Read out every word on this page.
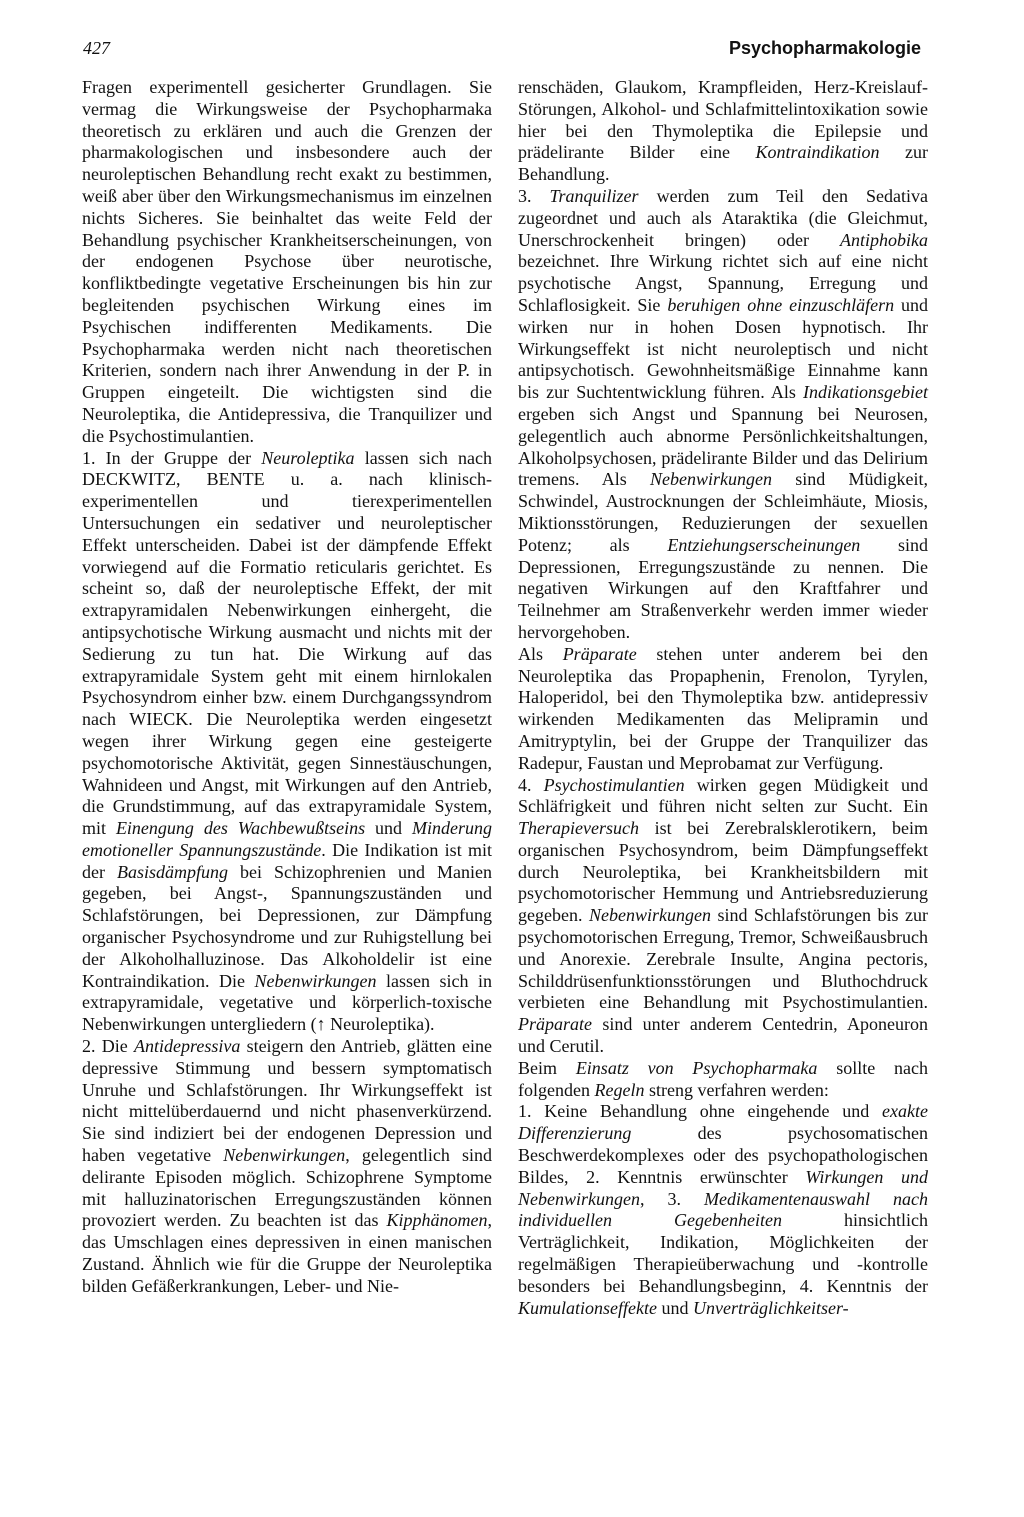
427	Psychopharmakologie

Fragen experimentell gesicherter Grundlagen. Sie vermag die Wirkungsweise der Psychopharmaka theoretisch zu erklären und auch die Grenzen der pharmakologischen und insbesondere auch der neuroleptischen Behandlung recht exakt zu bestimmen, weiß aber über den Wirkungsmechanismus im einzelnen nichts Sicheres. Sie beinhaltet das weite Feld der Behandlung psychischer Krankheitserscheinungen, von der endogenen Psychose über neurotische, konfliktbedingte vegetative Erscheinungen bis hin zur begleitenden psychischen Wirkung eines im Psychischen indifferenten Medikaments. Die Psychopharmaka werden nicht nach theoretischen Kriterien, sondern nach ihrer Anwendung in der P. in Gruppen eingeteilt. Die wichtigsten sind die Neuroleptika, die Antidepressiva, die Tranquilizer und die Psychostimulantien.

1. In der Gruppe der Neuroleptika lassen sich nach DECKWITZ, BENTE u. a. nach klinisch-experimentellen und tierexperimentellen Untersuchungen ein sedativer und neuroleptischer Effekt unterscheiden. Dabei ist der dämpfende Effekt vorwiegend auf die Formatio reticularis gerichtet. Es scheint so, daß der neuroleptische Effekt, der mit extrapyramidalen Nebenwirkungen einhergeht, die antipsychotische Wirkung ausmacht und nichts mit der Sedierung zu tun hat. Die Wirkung auf das extrapyramidale System geht mit einem hirnlokalen Psychosyndrom einher bzw. einem Durchgangssyndrom nach WIECK. Die Neuroleptika werden eingesetzt wegen ihrer Wirkung gegen eine gesteigerte psychomotorische Aktivität, gegen Sinnestäuschungen, Wahnideen und Angst, mit Wirkungen auf den Antrieb, die Grundstimmung, auf das extrapyramidale System, mit Einengung des Wachbewußtseins und Minderung emotioneller Spannungszustände. Die Indikation ist mit der Basisdämpfung bei Schizophrenien und Manien gegeben, bei Angst-, Spannungszuständen und Schlafstörungen, bei Depressionen, zur Dämpfung organischer Psychosyndrome und zur Ruhigstellung bei der Alkoholhalluzinose. Das Alkoholdelir ist eine Kontraindikation. Die Nebenwirkungen lassen sich in extrapyramidale, vegetative und körperlich-toxische Nebenwirkungen untergliedern (↑ Neuroleptika).

2. Die Antidepressiva steigern den Antrieb, glätten eine depressive Stimmung und bessern symptomatisch Unruhe und Schlafstörungen. Ihr Wirkungseffekt ist nicht mittelüberdauernd und nicht phasenverkürzend. Sie sind indiziert bei der endogenen Depression und haben vegetative Nebenwirkungen, gelegentlich sind delirante Episoden möglich. Schizophrene Symptome mit halluzinatorischen Erregungszuständen können provoziert werden. Zu beachten ist das Kipphänomen, das Umschlagen eines depressiven in einen manischen Zustand. Ähnlich wie für die Gruppe der Neuroleptika bilden Gefäßerkrankungen, Leber- und Nie-

renschäden, Glaukom, Krampfleiden, Herz-Kreislauf-Störungen, Alkohol- und Schlafmittelintoxikation sowie hier bei den Thymoleptika die Epilepsie und prädelirante Bilder eine Kontraindikation zur Behandlung.

3. Tranquilizer werden zum Teil den Sedativa zugeordnet und auch als Ataraktika (die Gleichmut, Unerschrockenheit bringen) oder Antiphobika bezeichnet. Ihre Wirkung richtet sich auf eine nicht psychotische Angst, Spannung, Erregung und Schlaflosigkeit. Sie beruhigen ohne einzuschläfern und wirken nur in hohen Dosen hypnotisch. Ihr Wirkungseffekt ist nicht neuroleptisch und nicht antipsychotisch. Gewohnheitsmäßige Einnahme kann bis zur Suchtentwicklung führen. Als Indikationsgebiet ergeben sich Angst und Spannung bei Neurosen, gelegentlich auch abnorme Persönlichkeitshaltungen, Alkoholpsychosen, prädelirante Bilder und das Delirium tremens. Als Nebenwirkungen sind Müdigkeit, Schwindel, Austrocknungen der Schleimhäute, Miosis, Miktionsstörungen, Reduzierungen der sexuellen Potenz; als Entziehungserscheinungen sind Depressionen, Erregungszustände zu nennen. Die negativen Wirkungen auf den Kraftfahrer und Teilnehmer am Straßenverkehr werden immer wieder hervorgehoben.

Als Präparate stehen unter anderem bei den Neuroleptika das Propaphenin, Frenolon, Tyrylen, Haloperidol, bei den Thymoleptika bzw. antidepressiv wirkenden Medikamenten das Melipramin und Amitryptylin, bei der Gruppe der Tranquilizer das Radepur, Faustan und Meprobamat zur Verfügung.

4. Psychostimulantien wirken gegen Müdigkeit und Schläfrigkeit und führen nicht selten zur Sucht. Ein Therapieversuch ist bei Zerebralsklerotikern, beim organischen Psychosyndrom, beim Dämpfungseffekt durch Neuroleptika, bei Krankheitsbildern mit psychomotorischer Hemmung und Antriebsreduzierung gegeben. Nebenwirkungen sind Schlafstörungen bis zur psychomotorischen Erregung, Tremor, Schweißausbruch und Anorexie. Zerebrale Insulte, Angina pectoris, Schilddrüsenfunktionsstörungen und Bluthochdruck verbieten eine Behandlung mit Psychostimulantien. Präparate sind unter anderem Centedrin, Aponeuron und Cerutil.

Beim Einsatz von Psychopharmaka sollte nach folgenden Regeln streng verfahren werden:

1. Keine Behandlung ohne eingehende und exakte Differenzierung des psychosomatischen Beschwerdekomplexes oder des psychopathologischen Bildes, 2. Kenntnis erwünschter Wirkungen und Nebenwirkungen, 3. Medikamentenauswahl nach individuellen Gegebenheiten hinsichtlich Verträglichkeit, Indikation, Möglichkeiten der regelmäßigen Therapieüberwachung und -kontrolle besonders bei Behandlungsbeginn, 4. Kenntnis der Kumulationseffekte und Unverträglichkeitser-
